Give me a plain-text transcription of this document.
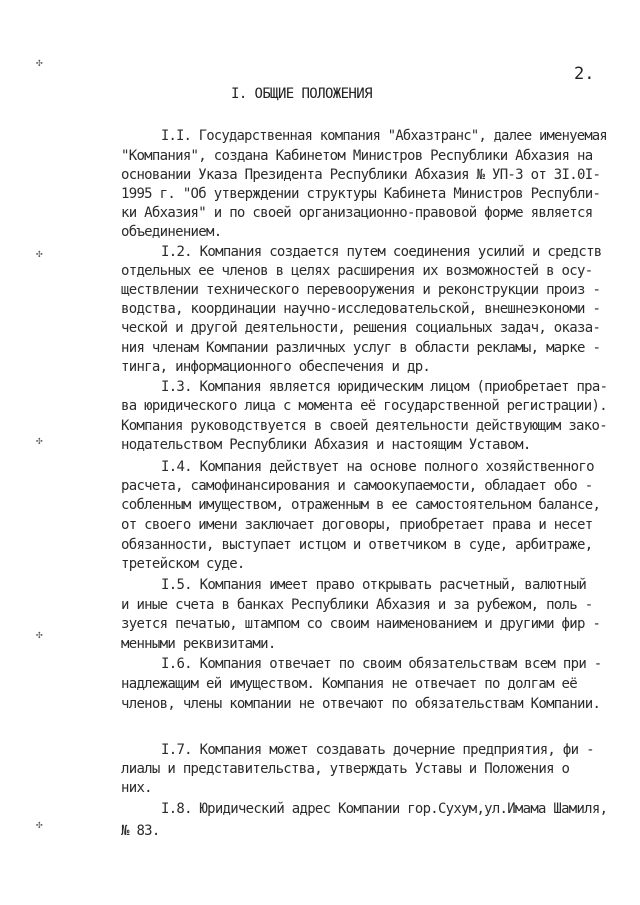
✣
✣
✣
✣
✣
2.
I. ОБЩИЕ ПОЛОЖЕНИЯ
I.I. Государственная компания "Абхазтранс", далее именуемая
"Компания", создана Кабинетом Министров Республики Абхазия на
основании Указа Президента Республики Абхазия № УП-3 от 3I.0I-
1995 г. "Об утверждении структуры Кабинета Министров Республи-
ки Абхазия" и по своей организационно-правовой форме является
объединением.
I.2. Компания создается путем соединения усилий и средств
отдельных ее членов в целях расширения их возможностей в осу-
ществлении технического перевооружения и реконструкции произ -
водства, координации научно-исследовательской, внешнеэкономи -
ческой и другой деятельности, решения социальных задач, оказа-
ния членам Компании различных услуг в области рекламы, марке -
тинга, информационного обеспечения и др.
I.3. Компания является юридическим лицом (приобретает пра-
ва юридического лица с момента её государственной регистрации).
Компания руководствуется в своей деятельности действующим зако-
нодательством Республики Абхазия и настоящим Уставом.
I.4. Компания действует на основе полного хозяйственного
расчета, самофинансирования и самоокупаемости, обладает обо -
собленным имуществом, отраженным в ее самостоятельном балансе,
от своего имени заключает договоры, приобретает права и несет
обязанности, выступает истцом и ответчиком в суде, арбитраже,
третейском суде.
I.5. Компания имеет право открывать расчетный, валютный
и иные счета в банках Республики Абхазия и за рубежом, поль -
зуется печатью, штампом со своим наименованием и другими фир -
менными реквизитами.
I.6. Компания отвечает по своим обязательствам всем при -
надлежащим ей имуществом. Компания не отвечает по долгам её
членов, члены компании не отвечают по обязательствам Компании.
I.7. Компания может создавать дочерние предприятия, фи -
лиалы и представительства, утверждать Уставы и Положения о
них.
I.8. Юридический адрес Компании гор.Сухум,ул.Имама Шамиля,
№ 83.
